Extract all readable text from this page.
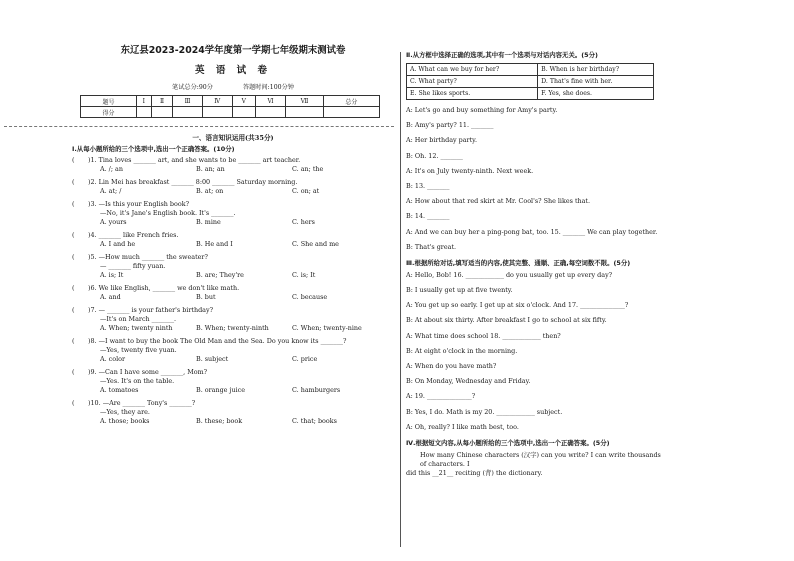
东辽县2023-2024学年度第一学期七年级期末测试卷
英 语 试 卷
笔试总分:90分	答题时间:100分钟
题号	Ⅰ	Ⅱ	Ⅲ	Ⅳ	Ⅴ	Ⅵ	Ⅶ	总分
得分								
一、语言知识运用(共35分)
Ⅰ.从每小题所给的三个选项中,选出一个正确答案。(10分)
(	)1. Tina loves _______ art, and she wants to be _______ art teacher.
A. /; an	B. an; an	C. an; the
(	)2. Lin Mei has breakfast _______ 8:00 _______ Saturday morning.
A. at; /	B. at; on	C. on; at
(	)3. —Is this your English book?
—No, it's Jane's English book. It's _______.
A. yours	B. mine	C. hers
(	)4. _______ like French fries.
A. I and he	B. He and I	C. She and me
(	)5. —How much _______ the sweater?
— _______ fifty yuan.
A. is; It	B. are; They're	C. is; It
(	)6. We like English, _______ we don't like math.
A. and	B. but	C. because
(	)7. — _______ is your father's birthday?
—It's on March _______.
A. When; twenty ninth	B. When; twenty-ninth	C. When; twenty-nine
(	)8. —I want to buy the book The Old Man and the Sea. Do you know its _______?
—Yes, twenty five yuan.
A. color	B. subject	C. price
(	)9. —Can I have some _______, Mom?
—Yes. It's on the table.
A. tomatoes	B. orange juice	C. hamburgers
(	)10. —Are _______ Tony's _______?
—Yes, they are.
A. those; books	B. these; book	C. that; books
Ⅱ.从方框中选择正确的选项,其中有一个选项与对话内容无关。(5分)
A. What can we buy for her?	B. When is her birthday?
C. What party?	D. That's fine with her.
E. She likes sports.	F. Yes, she does.
A: Let's go and buy something for Amy's party.
B: Amy's party? 11. _______
A: Her birthday party.
B: Oh. 12. _______
A: It's on July twenty-ninth. Next week.
B: 13. _______
A: How about that red skirt at Mr. Cool's? She likes that.
B: 14. _______
A: And we can buy her a ping-pong bat, too. 15. _______ We can play together.
B: That's great.
Ⅲ.根据所给对话,填写适当的内容,使其完整、通顺、正确,每空词数不限。(5分)
A: Hello, Bob! 16. ____________ do you usually get up every day?
B: I usually get up at five twenty.
A: You get up so early. I get up at six o'clock. And 17. ______________?
B: At about six thirty. After breakfast I go to school at six fifty.
A: What time does school 18. ____________ then?
B: At eight o'clock in the morning.
A: When do you have math?
B: On Monday, Wednesday and Friday.
A: 19. ______________?
B: Yes, I do. Math is my 20. ____________ subject.
A: Oh, really? I like math best, too.
Ⅳ.根据短文内容,从每小题所给的三个选项中,选出一个正确答案。(5分)
How many Chinese characters (汉字) can you write? I can write thousands of characters. I
did this __21__ reciting (背) the dictionary.
